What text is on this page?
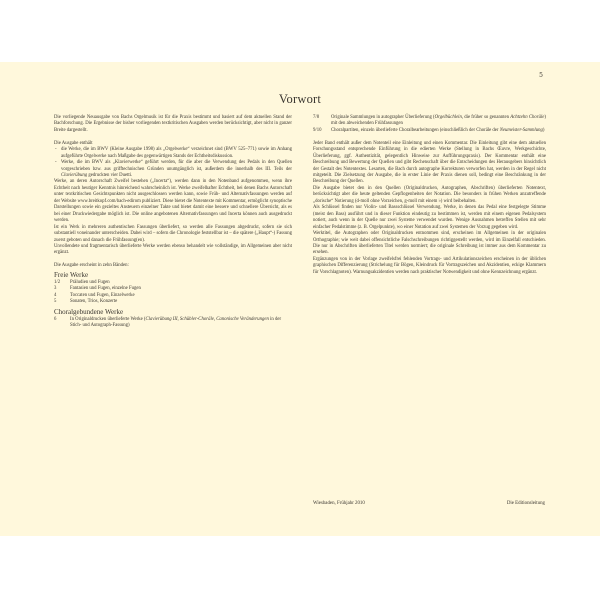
5
Vorwort

Die vorliegende Neuausgabe von Bachs Orgelmusik ist für die Praxis bestimmt und basiert auf dem aktuellen Stand der Bachforschung. Die Ergebnisse der bisher vorliegenden textkritischen Ausgaben werden berücksichtigt, aber nicht in ganzer Breite dargestellt.

Die Ausgabe enthält

- die Werke, die im BWV (Kleine Ausgabe 1998) als „Orgelwerke“ verzeichnet sind (BWV 525–771) sowie im Anhang aufgeführte Orgelwerke nach Maßgabe des gegenwärtigen Stands der Echtheitsdiskussion.
- Werke, die im BWV als „Klavierwerke“ geführt werden, für die aber die Verwendung des Pedals in den Quellen vorgeschrieben bzw. aus grifftechnischen Gründen unumgänglich ist, außerdem die innerhalb des III. Teils der Clavierübung gedruckten vier Duetti.

Werke, an deren Autorschaft Zweifel bestehen („Incerta“), werden dann in den Notenband aufgenommen, wenn ihre Echtheit nach heutiger Kenntnis hinreichend wahrscheinlich ist. Werke zweifelhafter Echtheit, bei denen Bachs Autorschaft unter textkritischen Gesichtspunkten nicht ausgeschlossen werden kann, sowie Früh- und Alternativfassungen werden auf der Website www.breitkopf.com/bach-edirom publiziert. Diese bietet die Notentexte mit Kommentar, ermöglicht synoptische Darstellungen sowie ein gezieltes Ansteuern einzelner Takte und bietet damit eine bessere und schnellere Übersicht, als es bei einer Druckwiedergabe möglich ist. Die online angebotenen Alternativfassungen und Incerta können auch ausgedruckt werden.

Ist ein Werk in mehreren authentischen Fassungen überliefert, so werden alle Fassungen abgedruckt, sofern sie sich substantiell voneinander unterscheiden. Dabei wird – sofern die Chronologie feststellbar ist – die spätere („Haupt“-) Fassung zuerst geboten und danach die Frühfassung(en).

Unvollendete und fragmentarisch überlieferte Werke werden ebenso behandelt wie vollständige, im Allgemeinen aber nicht ergänzt.

Die Ausgabe erscheint in zehn Bänden:

Freie Werke
1/2	Präludien und Fugen
3	Fantasien und Fugen, einzelne Fugen
4	Toccaten und Fugen, Einzelwerke
5	Sonaten, Trios, Konzerte
Choralgebundene Werke
6	In Originaldrucken überlieferte Werke (Clavierübung III, Schübler-Choräle, Canonische Veränderungen in der Stich- und Autograph-Fassung)
7/8	Originale Sammlungen in autographer Überlieferung (Orgelbüchlein, die früher so genannten Achtzehn Choräle) mit den abweichenden Frühfassungen
9/10	Choralpartiten, einzeln überlieferte Choralbearbeitungen (einschließlich der Choräle der Neumeister-Sammlung)

Jeder Band enthält außer dem Notenteil eine Einleitung und einen Kommentar. Die Einleitung gibt eine dem aktuellen Forschungsstand entsprechende Einführung in die edierten Werke (Stellung in Bachs Œuvre, Werkgeschichte, Überlieferung, ggf. Authentizität, gelegentlich Hinweise zur Aufführungspraxis). Der Kommentar enthält eine Beschreibung und Bewertung der Quellen und gibt Rechenschaft über die Entscheidungen des Herausgebers hinsichtlich der Gestalt des Notentextes. Lesarten, die Bach durch autographe Korrekturen verworfen hat, werden in der Regel nicht mitgeteilt. Die Zielsetzung der Ausgabe, die in erster Linie der Praxis dienen soll, bedingt eine Beschränkung in der Beschreibung der Quellen.

Die Ausgabe bietet den in den Quellen (Originaldrucken, Autographen, Abschriften) überlieferten Notentext, berücksichtigt aber die heute geltenden Gepflogenheiten der Notation. Die besonders in frühen Werken anzutreffende „dorische“ Notierung (d-moll ohne Vorzeichen, g-moll mit einem ♭) wird beibehalten.

Als Schlüssel finden nur Violin- und Bassschlüssel Verwendung. Werke, in denen das Pedal eine festgelegte Stimme (meist den Bass) ausführt und in dieser Funktion eindeutig zu bestimmen ist, werden mit einem eigenen Pedalsystem notiert, auch wenn in der Quelle nur zwei Systeme verwendet wurden. Wenige Ausnahmen betreffen Stellen mit sehr einfacher Pedalstimme (z. B. Orgelpunkte), wo einer Notation auf zwei Systemen der Vorzug gegeben wird.

Werktitel, die Autographen oder Originaldrucken entnommen sind, erscheinen im Allgemeinen in der originalen Orthographie; wie weit dabei offensichtliche Falschschreibungen richtiggestellt werden, wird im Einzelfall entschieden. Die nur in Abschriften überlieferten Titel werden normiert; die originale Schreibung ist immer aus dem Kommentar zu ersehen.

Ergänzungen von in der Vorlage zweifelsfrei fehlenden Vortrags- und Artikulationszeichen erscheinen in der üblichen graphischen Differenzierung (Strichelung für Bögen, Kleindruck für Vortragszeichen und Akzidentien, eckige Klammern für Vorschlagnoten). Warnungsakzidentien werden nach praktischer Notwendigkeit und ohne Kennzeichnung ergänzt.

Wiesbaden, Frühjahr 2010	Die Editionsleitung
